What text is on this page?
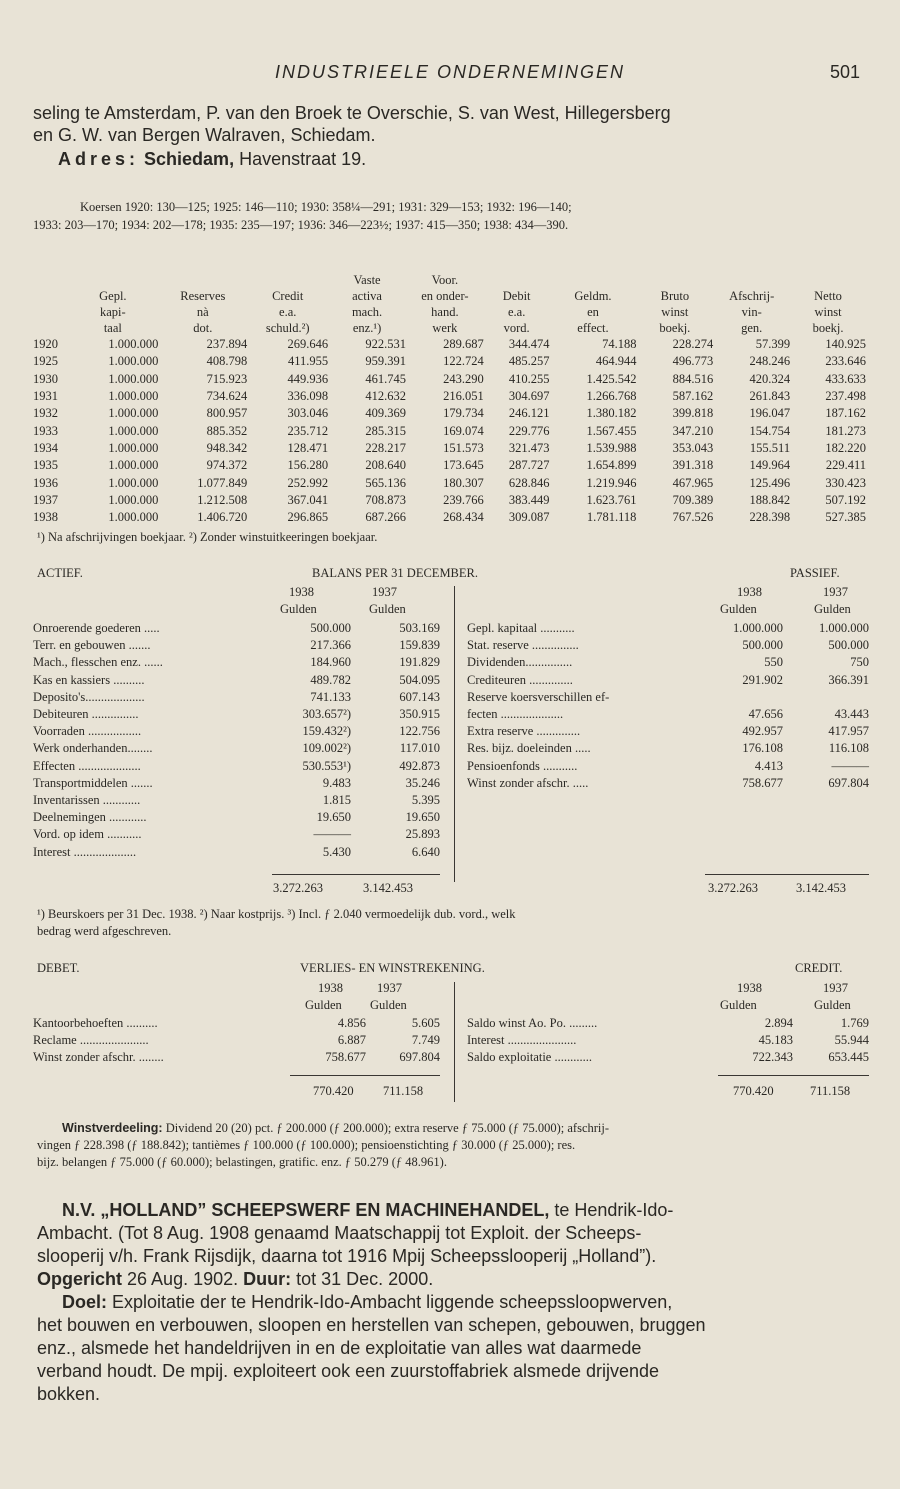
INDUSTRIEELE ONDERNEMINGEN	501
seling te Amsterdam, P. van den Broek te Overschie, S. van West, Hillegersberg
en G. W. van Bergen Walraven, Schiedam.
Adres: Schiedam, Havenstraat 19.
Koersen 1920: 130—125; 1925: 146—110; 1930: 358¼—291; 1931: 329—153; 1932: 196—140;
1933: 203—170; 1934: 202—178; 1935: 235—197; 1936: 346—223½; 1937: 415—350; 1938: 434—390.
				Vaste	Voor.					
	Gepl.	Reserves	Credit	activa	en onder-	Debit	Geldm.	Bruto	Afschrij-	Netto
	kapi-	nà	e.a.	mach.	hand.	e.a.	en	winst	vin-	winst
	taal	dot.	schuld.²)	enz.¹)	werk	vord.	effect.	boekj.	gen.	boekj.
1920	1.000.000	237.894	269.646	922.531	289.687	344.474	74.188	228.274	57.399	140.925
1925	1.000.000	408.798	411.955	959.391	122.724	485.257	464.944	496.773	248.246	233.646
1930	1.000.000	715.923	449.936	461.745	243.290	410.255	1.425.542	884.516	420.324	433.633
1931	1.000.000	734.624	336.098	412.632	216.051	304.697	1.266.768	587.162	261.843	237.498
1932	1.000.000	800.957	303.046	409.369	179.734	246.121	1.380.182	399.818	196.047	187.162
1933	1.000.000	885.352	235.712	285.315	169.074	229.776	1.567.455	347.210	154.754	181.273
1934	1.000.000	948.342	128.471	228.217	151.573	321.473	1.539.988	353.043	155.511	182.220
1935	1.000.000	974.372	156.280	208.640	173.645	287.727	1.654.899	391.318	149.964	229.411
1936	1.000.000	1.077.849	252.992	565.136	180.307	628.846	1.219.946	467.965	125.496	330.423
1937	1.000.000	1.212.508	367.041	708.873	239.766	383.449	1.623.761	709.389	188.842	507.192
1938	1.000.000	1.406.720	296.865	687.266	268.434	309.087	1.781.118	767.526	228.398	527.385
¹) Na afschrijvingen boekjaar. ²) Zonder winstuitkeeringen boekjaar.
ACTIEF.	BALANS PER 31 DECEMBER.	PASSIEF.
1938	1937
Gulden	Gulden
1938	1937
Gulden	Gulden
Onroerende goederen .....	500.000	503.169
Terr. en gebouwen .......	217.366	159.839
Mach., flesschen enz. ......	184.960	191.829
Kas en kassiers ..........	489.782	504.095
Deposito's...................	741.133	607.143
Debiteuren ...............	303.657²)	350.915
Voorraden .................	159.432²)	122.756
Werk onderhanden........	109.002²)	117.010
Effecten ....................	530.553¹)	492.873
Transportmiddelen .......	9.483	35.246
Inventarissen ............	1.815	5.395
Deelnemingen ............	19.650	19.650
Vord. op idem ...........	———	25.893
Interest ....................	5.430	6.640
Gepl. kapitaal ...........	1.000.000	1.000.000
Stat. reserve ...............	500.000	500.000
Dividenden...............	550	750
Crediteuren ..............	291.902	366.391
Reserve koersverschillen ef-		
fecten ....................	47.656	43.443
Extra reserve ..............	492.957	417.957
Res. bijz. doeleinden .....	176.108	116.108
Pensioenfonds ...........	4.413	———
Winst zonder afschr. .....	758.677	697.804
3.272.263	3.142.453	3.272.263	3.142.453
¹) Beurskoers per 31 Dec. 1938. ²) Naar kostprijs. ³) Incl. ƒ 2.040 vermoedelijk dub. vord., welk
bedrag werd afgeschreven.
DEBET.	VERLIES- EN WINSTREKENING.	CREDIT.
1938	1937
Gulden Gulden
1938	1937
Gulden	Gulden
Kantoorbehoeften ..........	4.856	5.605
Reclame ......................	6.887	7.749
Winst zonder afschr. ........	758.677	697.804
Saldo winst Ao. Po. .........	2.894	1.769
Interest ......................	45.183	55.944
Saldo exploitatie ............	722.343	653.445
770.420 711.158	770.420	711.158
Winstverdeeling: Dividend 20 (20) pct. ƒ 200.000 (ƒ 200.000); extra reserve ƒ 75.000 (ƒ 75.000); afschrij-
vingen ƒ 228.398 (ƒ 188.842); tantièmes ƒ 100.000 (ƒ 100.000); pensioenstichting ƒ 30.000 (ƒ 25.000); res.
bijz. belangen ƒ 75.000 (ƒ 60.000); belastingen, gratific. enz. ƒ 50.279 (ƒ 48.961).
N.V. „HOLLAND” SCHEEPSWERF EN MACHINEHANDEL, te Hendrik-Ido-
Ambacht. (Tot 8 Aug. 1908 genaamd Maatschappij tot Exploit. der Scheeps-
slooperij v/h. Frank Rijsdijk, daarna tot 1916 Mpij Scheepsslooperij „Holland”).
Opgericht 26 Aug. 1902. Duur: tot 31 Dec. 2000.
Doel: Exploitatie der te Hendrik-Ido-Ambacht liggende scheepssloopwerven,
het bouwen en verbouwen, sloopen en herstellen van schepen, gebouwen, bruggen
enz., alsmede het handeldrijven in en de exploitatie van alles wat daarmede
verband houdt. De mpij. exploiteert ook een zuurstoffabriek alsmede drijvende
bokken.
